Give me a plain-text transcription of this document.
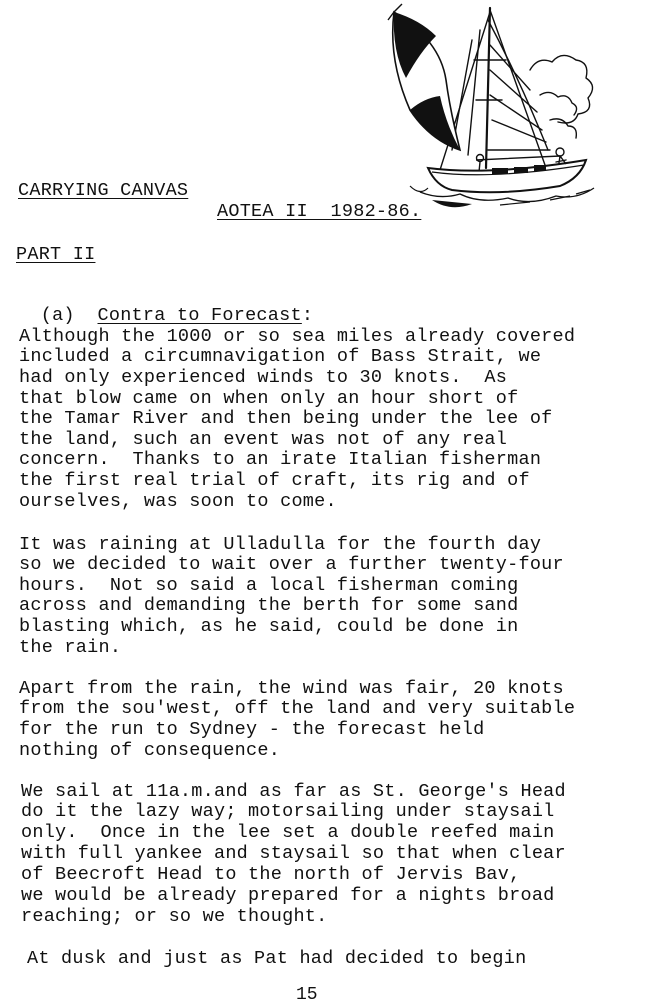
CARRYING CANVAS
AOTEA II  1982-86.
PART II

(a) Contra to Forecast:

Although the 1000 or so sea miles already covered
included a circumnavigation of Bass Strait, we
had only experienced winds to 30 knots.  As
that blow came on when only an hour short of
the Tamar River and then being under the lee of
the land, such an event was not of any real
concern.  Thanks to an irate Italian fisherman
the first real trial of craft, its rig and of
ourselves, was soon to come.
It was raining at Ulladulla for the fourth day
so we decided to wait over a further twenty-four
hours.  Not so said a local fisherman coming
across and demanding the berth for some sand
blasting which, as he said, could be done in
the rain.
Apart from the rain, the wind was fair, 20 knots
from the sou'west, off the land and very suitable
for the run to Sydney - the forecast held
nothing of consequence.
We sail at 11a.m.and as far as St. George's Head
do it the lazy way; motorsailing under staysail
only.  Once in the lee set a double reefed main
with full yankee and staysail so that when clear
of Beecroft Head to the north of Jervis Bav,
we would be already prepared for a nights broad
reaching; or so we thought.
At dusk and just as Pat had decided to begin
15
